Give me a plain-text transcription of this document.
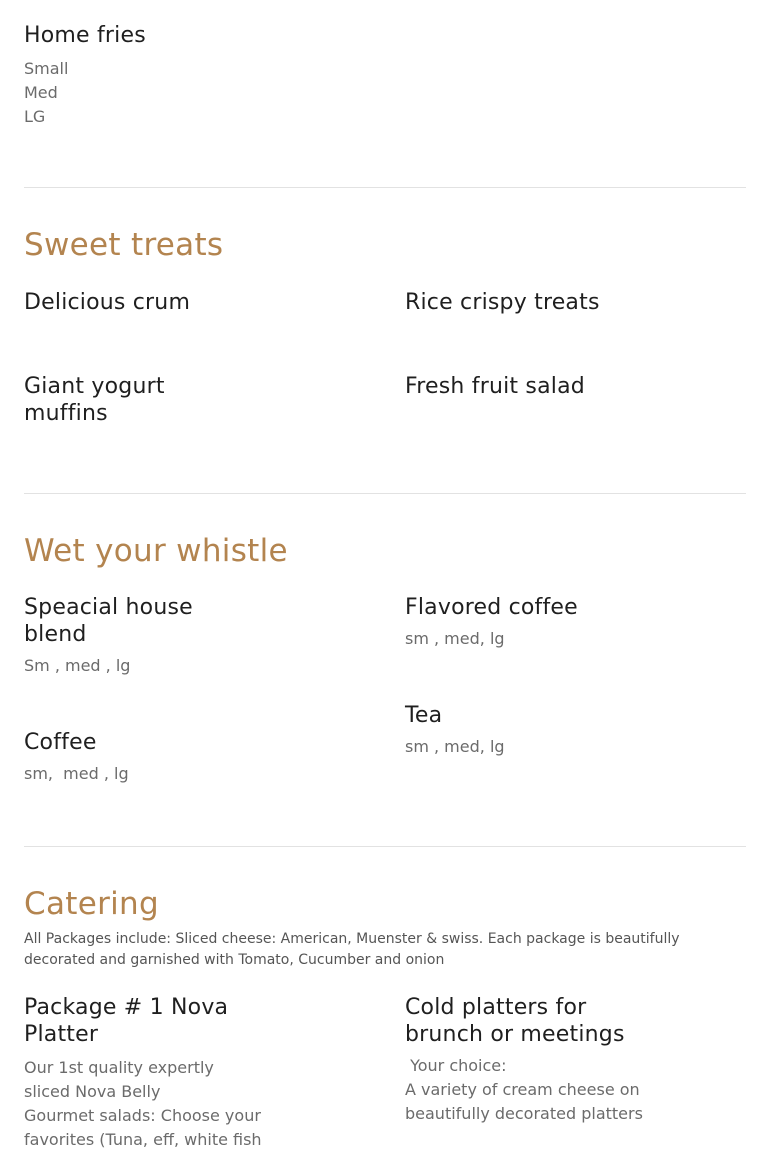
Home fries
Small
Med
LG
Sweet treats
Delicious crum	Rice crispy treats
Giant yogurt muffins
Fresh fruit salad
Wet your whistle
Speacial house blend

Sm , med , lg

Flavored coffee

sm , med, lg

Coffee

sm,  med , lg

Tea

sm , med, lg

Catering
All Packages include: Sliced cheese: American, Muenster & swiss. Each package is beautifully decorated and garnished with Tomato, Cucumber and onion
Package # 1 Nova Platter
Our 1st quality expertly sliced Nova Belly
Gourmet salads: Choose your favorites (Tuna, eff, white fish
Cold platters for brunch or meetings
Your choice:
A variety of cream cheese on beautifully decorated platters
